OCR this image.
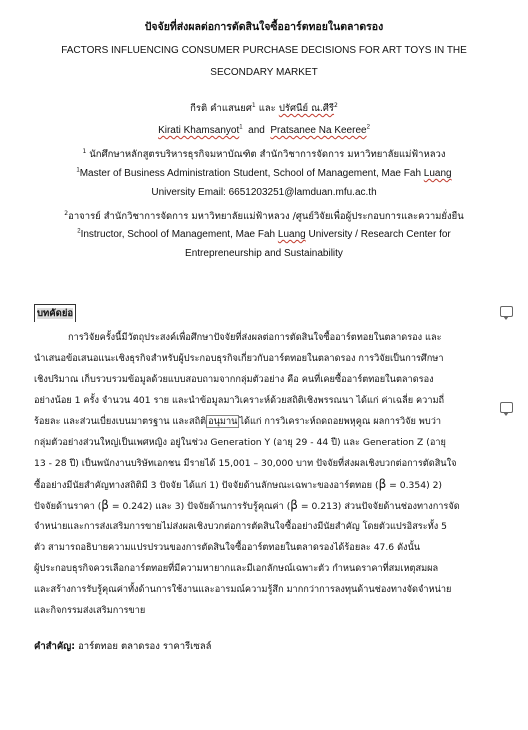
ปัจจัยที่ส่งผลต่อการตัดสินใจซื้ออาร์ตทอยในตลาดรอง
FACTORS INFLUENCING CONSUMER PURCHASE DECISIONS FOR ART TOYS IN THE SECONDARY MARKET
กีรติ คำแสนยศ$^1$ และ ปรัศนีย์ ณ.ศีรี$^2$
Kirati Khamsanyot$^1$ and Pratsanee Na Keeree$^2$
$^1$ นักศึกษาหลักสูตรบริหารธุรกิจมหาบัณฑิต สำนักวิชาการจัดการ มหาวิทยาลัยแม่ฟ้าหลวง
$^1$Master of Business Administration Student, School of Management, Mae Fah Luang
University Email: 6651203251@lamduan.mfu.ac.th
$^2$อาจารย์ สำนักวิชาการจัดการ มหาวิทยาลัยแม่ฟ้าหลวง /ศูนย์วิจัยเพื่อผู้ประกอบการและความยั่งยืน
$^2$Instructor, School of Management, Mae Fah Luang University / Research Center for
Entrepreneurship and Sustainability
บทคัดย่อ
การวิจัยครั้งนี้มีวัตถุประสงค์เพื่อศึกษาปัจจัยที่ส่งผลต่อการตัดสินใจซื้ออาร์ตทอยในตลาดรอง และ
นำเสนอข้อเสนอแนะเชิงธุรกิจสำหรับผู้ประกอบธุรกิจเกี่ยวกับอาร์ตทอยในตลาดรอง การวิจัยเป็นการศึกษา
เชิงปริมาณ เก็บรวบรวมข้อมูลด้วยแบบสอบถามจากกลุ่มตัวอย่าง คือ คนที่เคยซื้ออาร์ตทอยในตลาดรอง
อย่างน้อย 1 ครั้ง จำนวน 401 ราย และนำข้อมูลมาวิเคราะห์ด้วยสถิติเชิงพรรณนา ได้แก่ ค่าเฉลี่ย ความถี่
ร้อยละ และส่วนเบี่ยงเบนมาตรฐาน และสถิติ อนุมาน ได้แก่ การวิเคราะห์ถดถอยพหุคูณ ผลการวิจัย พบว่า
กลุ่มตัวอย่างส่วนใหญ่เป็นเพศหญิง อยู่ในช่วง Generation Y (อายุ 29 - 44 ปี) และ Generation Z (อายุ
13 - 28 ปี) เป็นพนักงานบริษัทเอกชน มีรายได้ 15,001 – 30,000 บาท ปัจจัยที่ส่งผลเชิงบวกต่อการตัดสินใจ
ซื้ออย่างมีนัยสำคัญทางสถิติมี 3 ปัจจัย ได้แก่ 1) ปัจจัยด้านลักษณะเฉพาะของอาร์ตทอย (β = 0.354) 2)
ปัจจัยด้านราคา (β = 0.242) และ 3) ปัจจัยด้านการรับรู้คุณค่า (β = 0.213) ส่วนปัจจัยด้านช่องทางการจัด
จำหน่ายและการส่งเสริมการขายไม่ส่งผลเชิงบวกต่อการตัดสินใจซื้ออย่างมีนัยสำคัญ โดยตัวแปรอิสระทั้ง 5
ตัว สามารถอธิบายความแปรปรวนของการตัดสินใจซื้ออาร์ตทอยในตลาดรองได้ร้อยละ 47.6 ดังนั้น
ผู้ประกอบธุรกิจควรเลือกอาร์ตทอยที่มีความหายากและมีเอกลักษณ์เฉพาะตัว กำหนดราคาที่สมเหตุสมผล
และสร้างการรับรู้คุณค่าทั้งด้านการใช้งานและอารมณ์ความรู้สึก มากกว่าการลงทุนด้านช่องทางจัดจำหน่าย
และกิจกรรมส่งเสริมการขาย
คำสำคัญ: อาร์ตทอย ตลาดรอง ราคารีเซลล์
